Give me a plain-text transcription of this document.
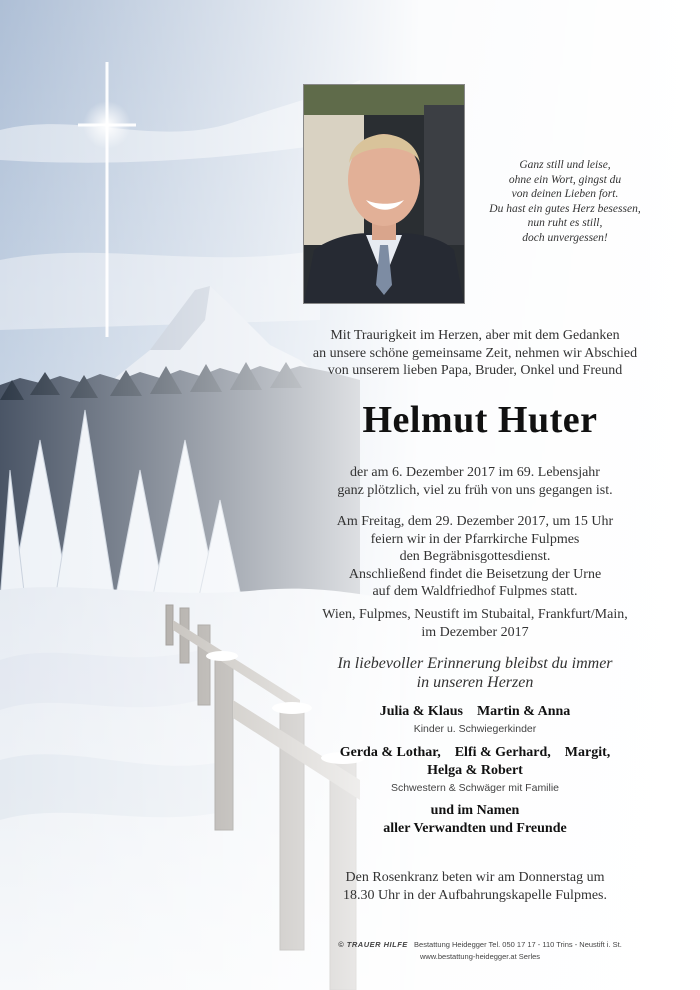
Ganz still und leise,
ohne ein Wort, gingst du
von deinen Lieben fort.
Du hast ein gutes Herz besessen,
nun ruht es still,
doch unvergessen!
Mit Traurigkeit im Herzen, aber mit dem Gedanken
an unsere schöne gemeinsame Zeit, nehmen wir Abschied
von unserem lieben Papa, Bruder, Onkel und Freund
Helmut Huter
der am 6. Dezember 2017 im 69. Lebensjahr
ganz plötzlich, viel zu früh von uns gegangen ist.
Am Freitag, dem 29. Dezember 2017, um 15 Uhr
feiern wir in der Pfarrkirche Fulpmes
den Begräbnisgottesdienst.
Anschließend findet die Beisetzung der Urne
auf dem Waldfriedhof Fulpmes statt.
Wien, Fulpmes, Neustift im Stubaital, Frankfurt/Main,
im Dezember 2017
In liebevoller Erinnerung bleibst du immer
in unseren Herzen
Julia & Klaus    Martin & Anna
Kinder u. Schwiegerkinder
Gerda & Lothar,    Elfi & Gerhard,    Margit,
Helga & Robert
Schwestern & Schwäger mit Familie
und im Namen
aller Verwandten und Freunde
Den Rosenkranz beten wir am Donnerstag um
18.30 Uhr in der Aufbahrungskapelle Fulpmes.
© TRAUER HILFE Bestattung Heidegger Tel. 050 17 17 - 110 Trins - Neustift i. St.
www.bestattung-heidegger.at Serles
